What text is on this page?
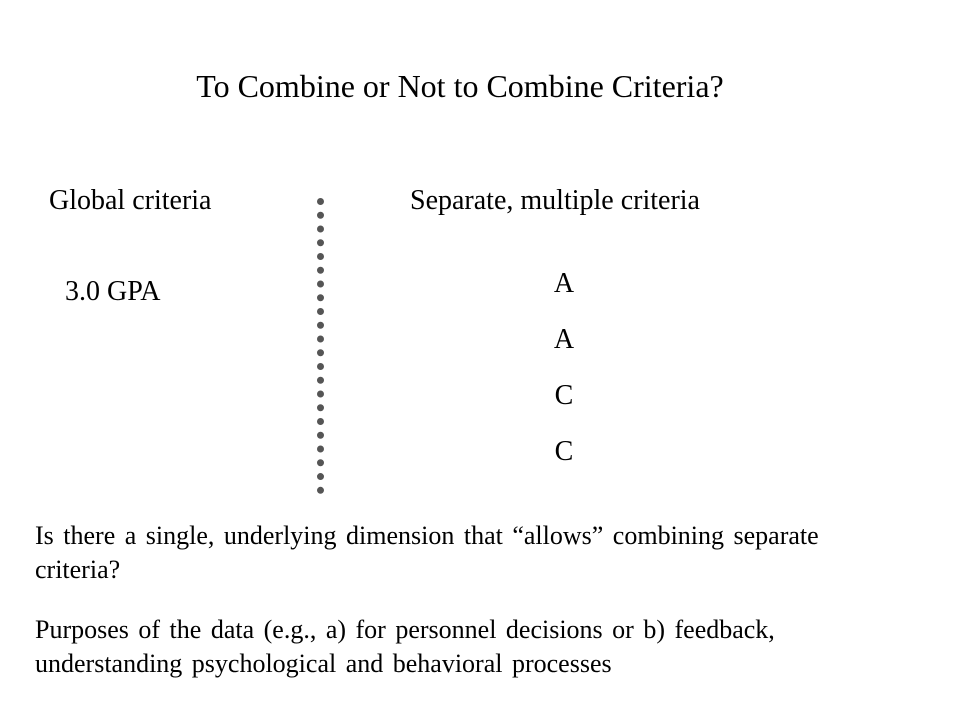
To Combine or Not to Combine Criteria?
Global criteria	Separate, multiple criteria
3.0 GPA	A
A
C
C
Is there a single, underlying dimension that “allows” combining separate criteria?
Purposes of the data (e.g., a) for personnel decisions or b) feedback, understanding psychological and behavioral processes
